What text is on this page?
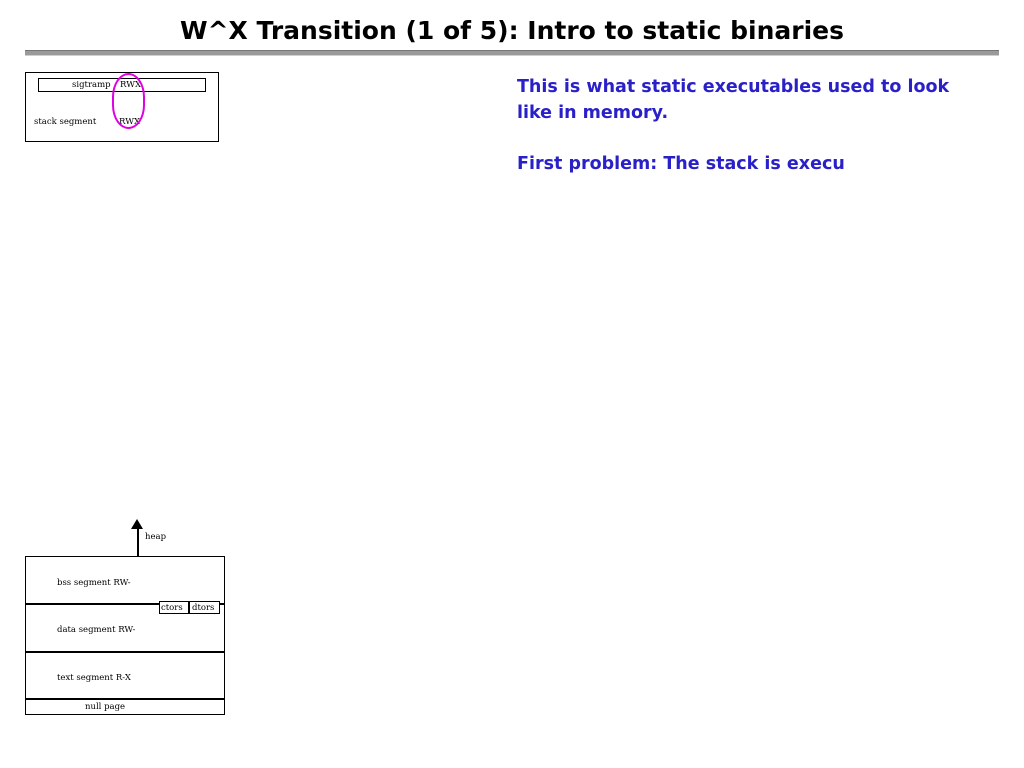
W^X Transition (1 of 5): Intro to static binaries
sigtramp RWX
stack segment	RWX
This is what static executables used to look like in memory.
First problem: The stack is execu
heap
bss segment RW-
data segment RW-
ctors dtors
text segment R-X
null page
